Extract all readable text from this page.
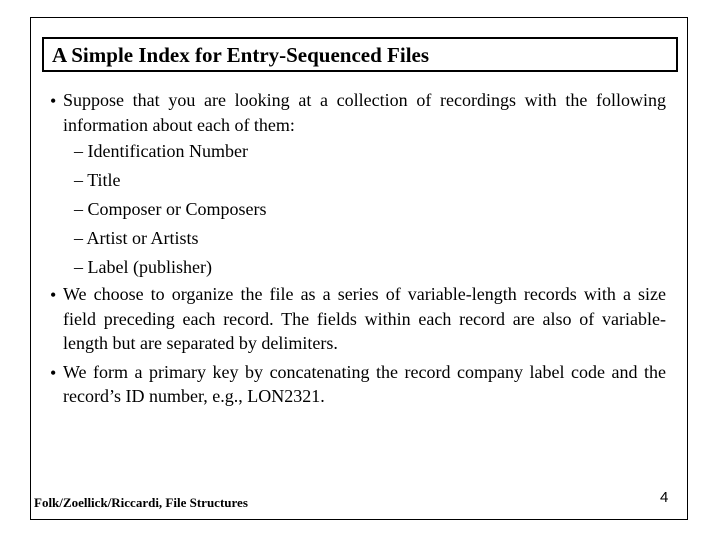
A Simple Index for Entry-Sequenced Files
• Suppose that you are looking at a collection of recordings with the following information about each of them:
– Identification Number
– Title
– Composer or Composers
– Artist or Artists
– Label (publisher)
• We choose to organize the file as a series of variable-length records with a size field preceding each record. The fields within each record are also of variable-length but are separated by delimiters.
• We form a primary key by concatenating the record company label code and the record’s ID number, e.g., LON2321.
Folk/Zoellick/Riccardi, File Structures	4
